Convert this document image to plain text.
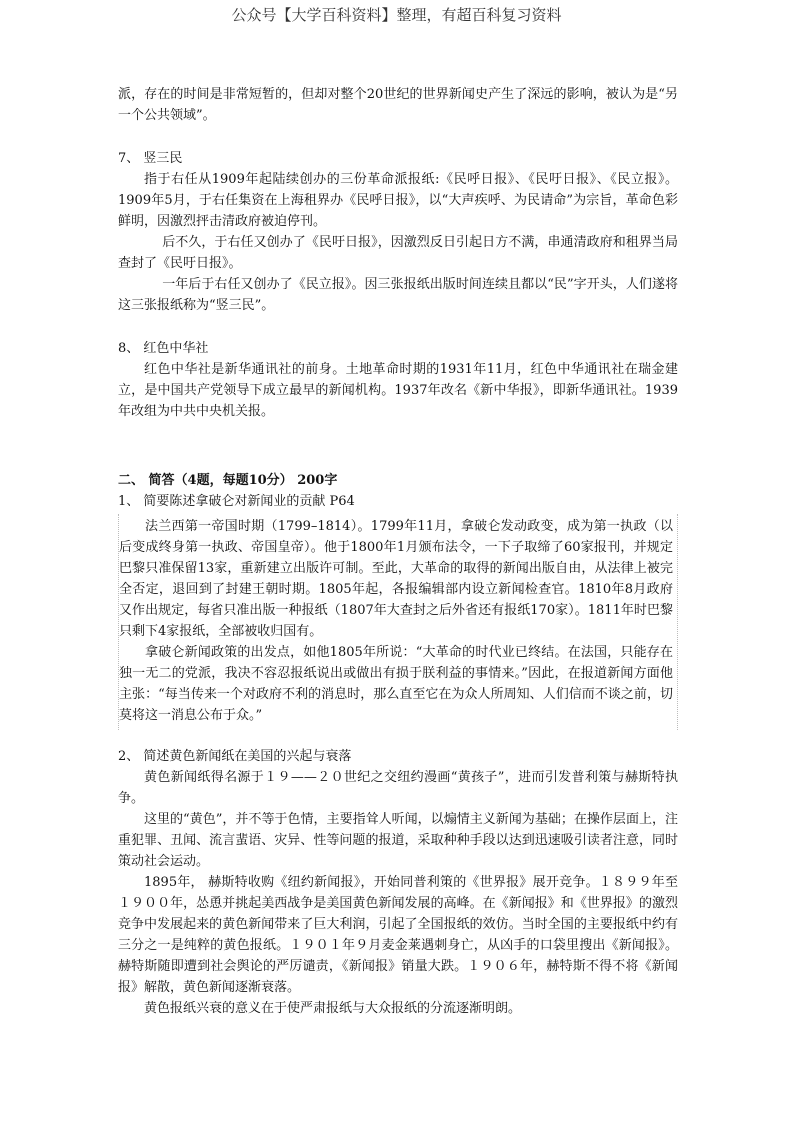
公众号【大学百科资料】整理，有超百科复习资料

派，存在的时间是非常短暂的，但却对整个20世纪的世界新闻史产生了深远的影响，被认为是“另一个公共领域”。

7、 竖三民

指于右任从1909年起陆续创办的三份革命派报纸:《民呼日报》、《民吁日报》、《民立报》。1909年5月，于右任集资在上海租界办《民呼日报》，以“大声疾呼、为民请命”为宗旨，革命色彩鲜明，因激烈抨击清政府被迫停刊。

后不久，于右任又创办了《民吁日报》，因激烈反日引起日方不满，串通清政府和租界当局查封了《民吁日报》。

一年后于右任又创办了《民立报》。因三张报纸出版时间连续且都以“民”字开头，人们遂将这三张报纸称为“竖三民”。

8、 红色中华社

红色中华社是新华通讯社的前身。土地革命时期的1931年11月，红色中华通讯社在瑞金建立，是中国共产党领导下成立最早的新闻机构。1937年改名《新中华报》，即新华通讯社。1939年改组为中共中央机关报。

二、 简答（4题，每题10分） 200字

1、 简要陈述拿破仑对新闻业的贡献 P64

法兰西第一帝国时期（1799–1814）。1799年11月，拿破仑发动政变，成为第一执政（以后变成终身第一执政、帝国皇帝）。他于1800年1月颁布法令，一下子取缔了60家报刊，并规定巴黎只准保留13家，重新建立出版许可制。至此，大革命的取得的新闻出版自由，从法律上被完全否定，退回到了封建王朝时期。1805年起，各报编辑部内设立新闻检查官。1810年8月政府又作出规定，每省只准出版一种报纸（1807年大查封之后外省还有报纸170家）。1811年时巴黎只剩下4家报纸，全部被收归国有。

拿破仑新闻政策的出发点，如他1805年所说：“大革命的时代业已终结。在法国，只能存在独一无二的党派，我决不容忍报纸说出或做出有损于朕利益的事情来。”因此，在报道新闻方面他主张：“每当传来一个对政府不利的消息时，那么直至它在为众人所周知、人们信而不谈之前，切莫将这一消息公布于众。”

2、 简述黄色新闻纸在美国的兴起与衰落

黄色新闻纸得名源于１９——２０世纪之交纽约漫画“黄孩子”，进而引发普利策与赫斯特执争。

这里的“黄色”，并不等于色情，主要指耸人听闻，以煽情主义新闻为基础；在操作层面上，注重犯罪、丑闻、流言蜚语、灾异、性等问题的报道，采取种种手段以达到迅速吸引读者注意，同时策动社会运动。

1895年， 赫斯特收购《纽约新闻报》，开始同普利策的《世界报》展开竞争。１８９９年至１９００年，怂恿并挑起美西战争是美国黄色新闻发展的高峰。在《新闻报》和《世界报》的激烈竞争中发展起来的黄色新闻带来了巨大利润，引起了全国报纸的效仿。当时全国的主要报纸中约有三分之一是纯粹的黄色报纸。１９０１年９月麦金莱遇刺身亡，从凶手的口袋里搜出《新闻报》。赫特斯随即遭到社会舆论的严厉谴责，《新闻报》销量大跌。１９０６年，赫特斯不得不将《新闻报》解散，黄色新闻逐渐衰落。

黄色报纸兴衰的意义在于使严肃报纸与大众报纸的分流逐渐明朗。
